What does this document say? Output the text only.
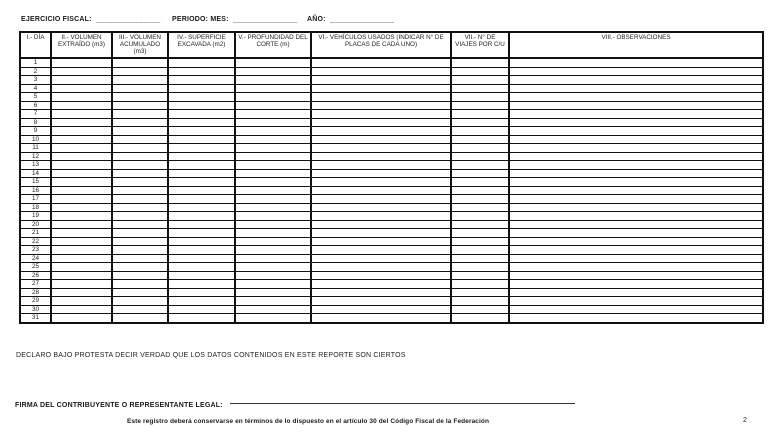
EJERCICIO FISCAL: _______________ PERIODO: MES: _______________ AÑO: _______________
I.- DÍA	II.- VOLUMEN EXTRAÍDO (m3)	III.- VOLUMEN ACUMULADO (m3)	IV.- SUPERFICIE EXCAVADA (m2)	V.- PROFUNDIDAD DEL CORTE (m)	VI.- VEHÍCULOS USADOS (INDICAR N° DE PLACAS DE CADA UNO)	VII.- N° DE VIAJES POR C/U	VIII.- OBSERVACIONES
1							
2							
3							
4							
5							
6							
7							
8							
9							
10							
11							
12							
13							
14							
15							
16							
17							
18							
19							
20							
21							
22							
23							
24							
25							
26							
27							
28							
29							
30							
31							
DECLARO BAJO PROTESTA DECIR VERDAD QUE LOS DATOS CONTENIDOS EN ESTE REPORTE SON CIERTOS
FIRMA DEL CONTRIBUYENTE O REPRESENTANTE LEGAL:
Este registro deberá conservarse en términos de lo dispuesto en el artículo 30 del Código Fiscal de la Federación	2
